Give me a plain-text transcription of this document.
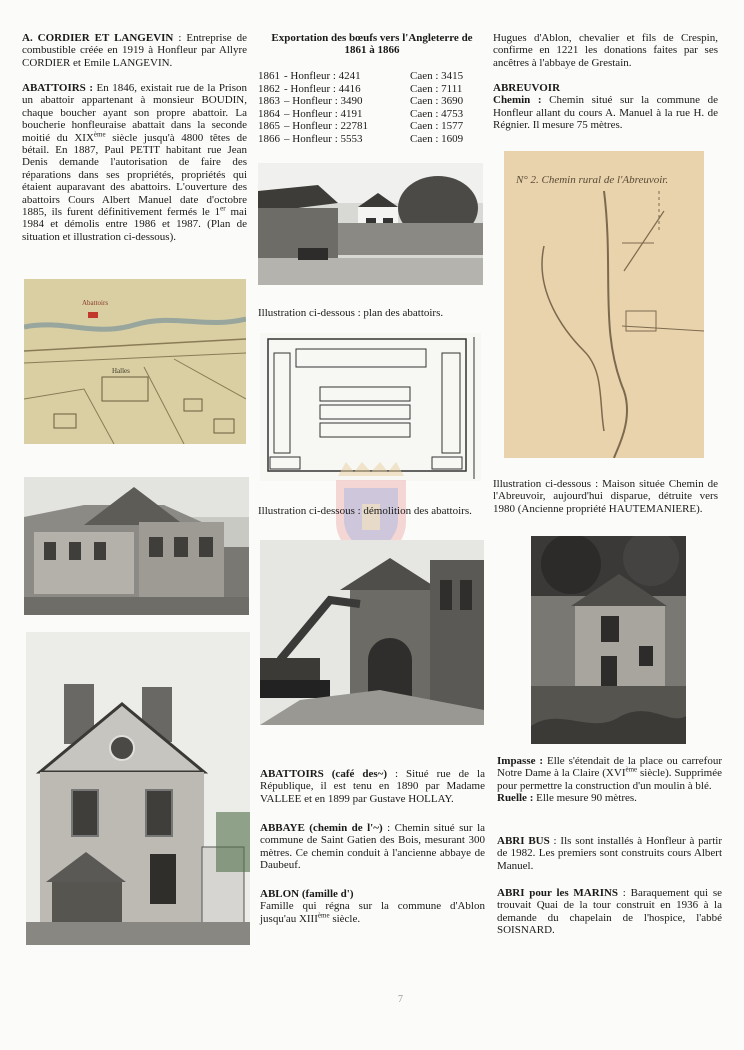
A. CORDIER ET LANGEVIN : Entreprise de combustible créée en 1919 à Honfleur par Allyre CORDIER et Emile LANGEVIN.
ABATTOIRS : En 1846, existait rue de la Prison un abattoir appartenant à monsieur BOUDIN, chaque boucher ayant son propre abattoir. La boucherie honfleuraise abattait dans la seconde moitié du XIXème siècle jusqu'à 4800 têtes de bétail. En 1887, Paul PETIT habitant rue Jean Denis demande l'autorisation de faire des réparations dans ses propriétés, propriétés qui étaient auparavant des abattoirs. L'ouverture des abattoirs Cours Albert Manuel date d'octobre 1885, ils furent définitivement fermés le 1er mai 1984 et démolis entre 1986 et 1987. (Plan de situation et illustration ci-dessous).
Abattoirs
Halles
Exportation des bœufs vers l'Angleterre de 1861 à 1866
1861	- Honfleur : 4241	Caen : 3415
1862	- Honfleur : 4416	Caen : 7111
1863	– Honfleur : 3490	Caen : 3690
1864	– Honfleur : 4191	Caen : 4753
1865	– Honfleur : 22781	Caen : 1577
1866	– Honfleur : 5553	Caen : 1609
Illustration ci-dessous : plan des abattoirs.
Illustration ci-dessous : démolition des abattoirs.
ABATTOIRS (café des~) : Situé rue de la République, il est tenu en 1890 par Madame VALLEE et en 1899 par Gustave HOLLAY.
ABBAYE (chemin de l'~) : Chemin situé sur la commune de Saint Gatien des Bois, mesurant 300 mètres. Ce chemin conduit à l'ancienne abbaye de Daubeuf.
ABLON (famille d')
Famille qui régna sur la commune d'Ablon jusqu'au XIIIème siècle.
Hugues d'Ablon, chevalier et fils de Crespin, confirme en 1221 les donations faites par ses ancêtres à l'abbaye de Grestain.
ABREUVOIR
Chemin : Chemin situé sur la commune de Honfleur allant du cours A. Manuel à la rue H. de Régnier. Il mesure 75 mètres.
N° 2. Chemin rural de l'Abreuvoir.
Illustration ci-dessous : Maison située Chemin de l'Abreuvoir, aujourd'hui disparue, détruite vers 1980 (Ancienne propriété HAUTEMANIERE).
Impasse : Elle s'étendait de la place ou carrefour Notre Dame à la Claire (XVIème siècle). Supprimée pour permettre la construction d'un moulin à blé.
Ruelle : Elle mesure 90 mètres.
ABRI BUS : Ils sont installés à Honfleur à partir de 1982. Les premiers sont construits cours Albert Manuel.
ABRI pour les MARINS : Baraquement qui se trouvait Quai de la tour construit en 1936 à la demande du chapelain de l'hospice, l'abbé SOISNARD.
7
